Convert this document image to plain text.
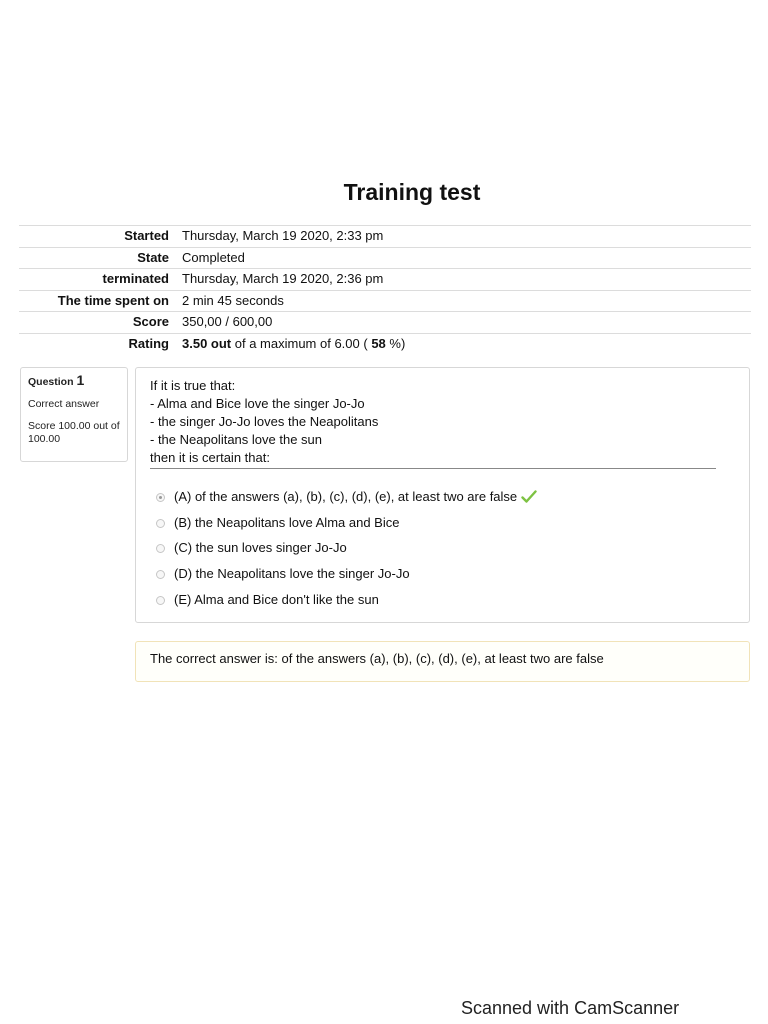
Training test
Started	Thursday, March 19 2020, 2:33 pm
State	Completed
terminated	Thursday, March 19 2020, 2:36 pm
The time spent on	2 min 45 seconds
Score	350,00 / 600,00
Rating	3.50 out of a maximum of 6.00 ( 58 %)
Question 1
Correct answer
Score 100.00 out of 100.00
If it is true that:
- Alma and Bice love the singer Jo-Jo
- the singer Jo-Jo loves the Neapolitans
- the Neapolitans love the sun
then it is certain that:
(A) of the answers (a), (b), (c), (d), (e), at least two are false
(B) the Neapolitans love Alma and Bice
(C) the sun loves singer Jo-Jo
(D) the Neapolitans love the singer Jo-Jo
(E) Alma and Bice don't like the sun
The correct answer is: of the answers (a), (b), (c), (d), (e), at least two are false
Scanned with CamScanner
